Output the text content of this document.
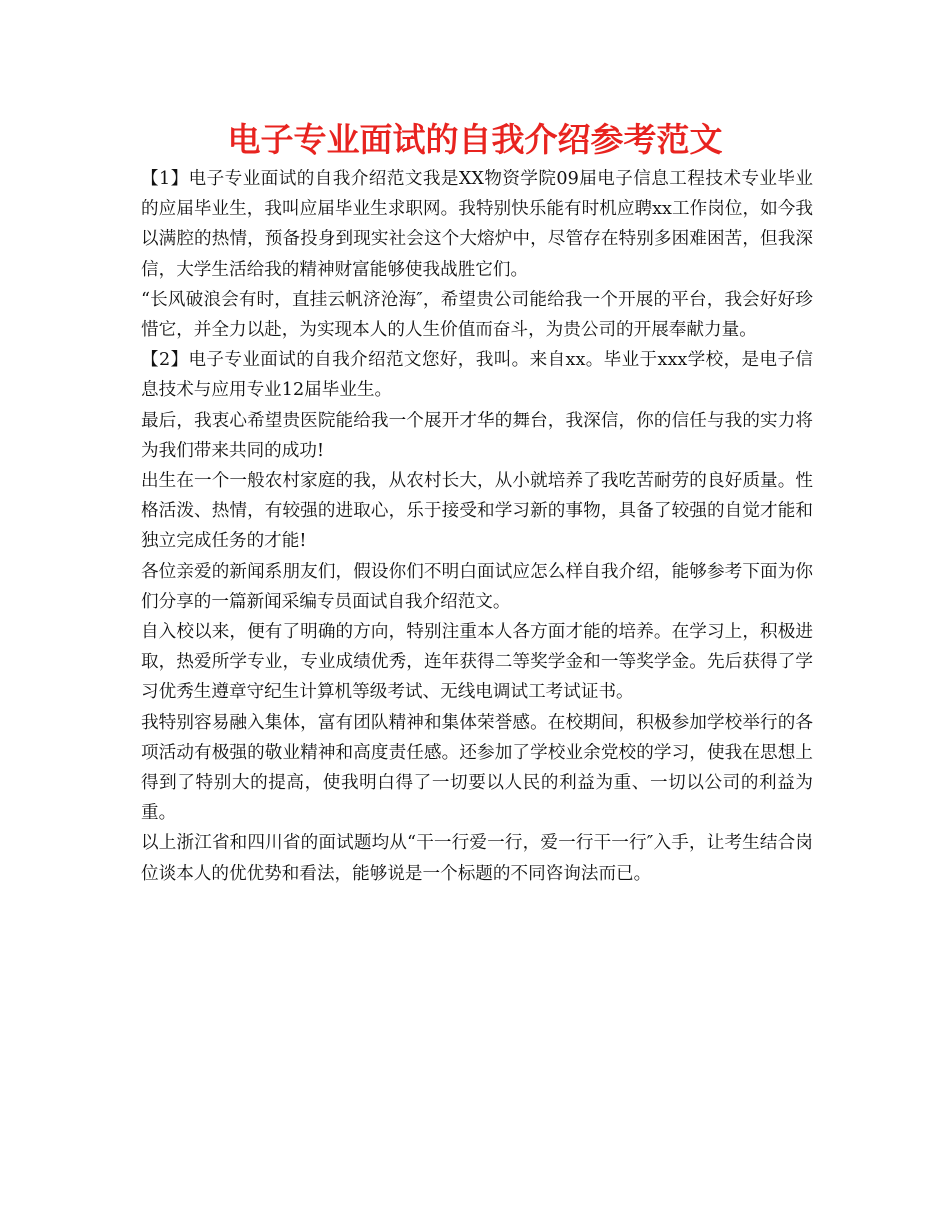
电子专业面试的自我介绍参考范文

【1】电子专业面试的自我介绍范文我是XX物资学院09届电子信息工程技术专业毕业的应届毕业生，我叫应届毕业生求职网。我特别快乐能有时机应聘xx工作岗位，如今我以满腔的热情，预备投身到现实社会这个大熔炉中，尽管存在特别多困难困苦，但我深信，大学生活给我的精神财富能够使我战胜它们。

“长风破浪会有时，直挂云帆济沧海″，希望贵公司能给我一个开展的平台，我会好好珍惜它，并全力以赴，为实现本人的人生价值而奋斗，为贵公司的开展奉献力量。

【2】电子专业面试的自我介绍范文您好，我叫。来自xx。毕业于xxx学校，是电子信息技术与应用专业12届毕业生。

最后，我衷心希望贵医院能给我一个展开才华的舞台，我深信，你的信任与我的实力将为我们带来共同的成功!

出生在一个一般农村家庭的我，从农村长大，从小就培养了我吃苦耐劳的良好质量。性格活泼、热情，有较强的进取心，乐于接受和学习新的事物，具备了较强的自觉才能和独立完成任务的才能!

各位亲爱的新闻系朋友们，假设你们不明白面试应怎么样自我介绍，能够参考下面为你们分享的一篇新闻采编专员面试自我介绍范文。

自入校以来，便有了明确的方向，特别注重本人各方面才能的培养。在学习上，积极进取，热爱所学专业，专业成绩优秀，连年获得二等奖学金和一等奖学金。先后获得了学习优秀生遵章守纪生计算机等级考试、无线电调试工考试证书。

我特别容易融入集体，富有团队精神和集体荣誉感。在校期间，积极参加学校举行的各项活动有极强的敬业精神和高度责任感。还参加了学校业余党校的学习，使我在思想上得到了特别大的提高，使我明白得了一切要以人民的利益为重、一切以公司的利益为重。

以上浙江省和四川省的面试题均从“干一行爱一行，爱一行干一行″入手，让考生结合岗位谈本人的优优势和看法，能够说是一个标题的不同咨询法而已。
